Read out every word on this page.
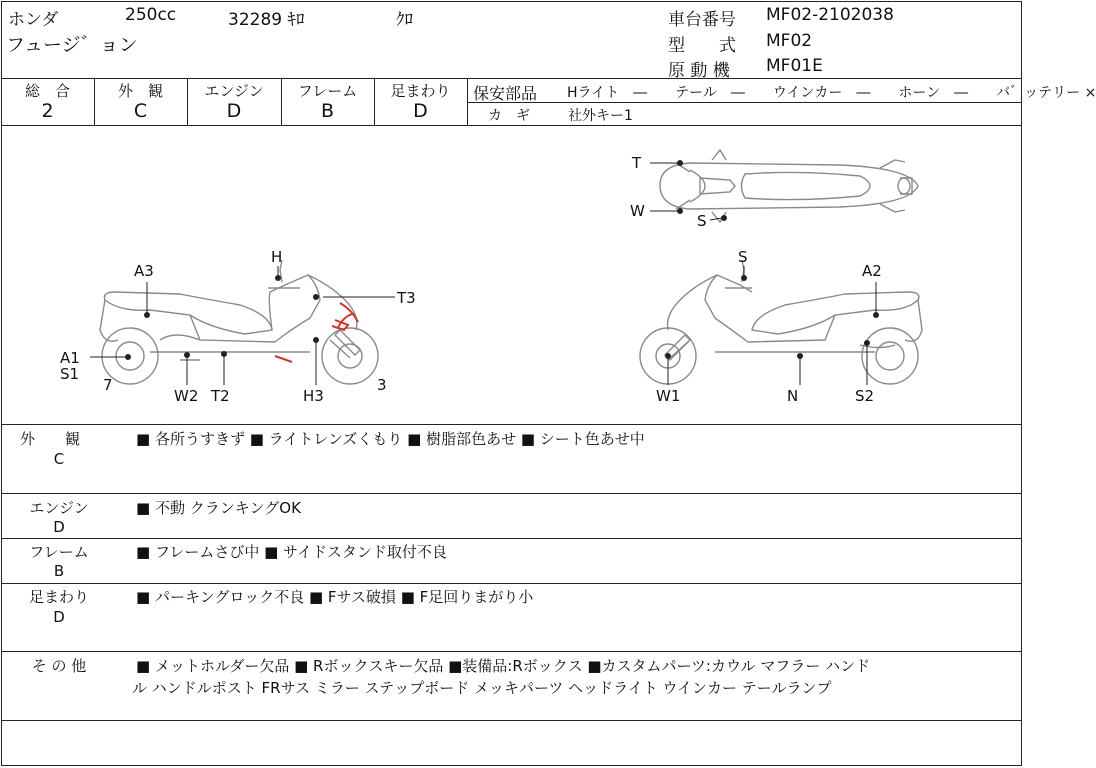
ホンダ	250cc	32289 ｷﾛ	ｸﾛ
フュージ゛ョン
車台番号 MF02-2102038
型　　式 MF02
原 動 機 MF01E
総　合	外　観	エンジン	フレーム	足まわり
2	C	D	B	D
保安部品 Hライト　―　　テール　―　　ウインカー　―　　ホーン　―　　バ゛ッテリー ×
カ　ギ	社外キー1
T
W
S
H
A3
T3
A1
S1
7
W2 T2	H3
3
S
A2
W1	N	S2
外　　観
C
■ 各所うすきず ■ ライトレンズくもり ■ 樹脂部色あせ ■ シート色あせ中
エンジン
D
■ 不動 クランキングOK
フレーム
B
■ フレームさび中 ■ サイドスタンド取付不良
足まわり
D
■ パーキングロック不良 ■ Fサス破損 ■ F足回りまがり小
そ の 他	■ メットホルダー欠品 ■ Rボックスキー欠品 ■装備品:Rボックス ■カスタムパーツ:カウル マフラー ハンド
ル ハンドルポスト FRサス ミラー ステップボード メッキパーツ ヘッドライト ウインカー テールランプ
